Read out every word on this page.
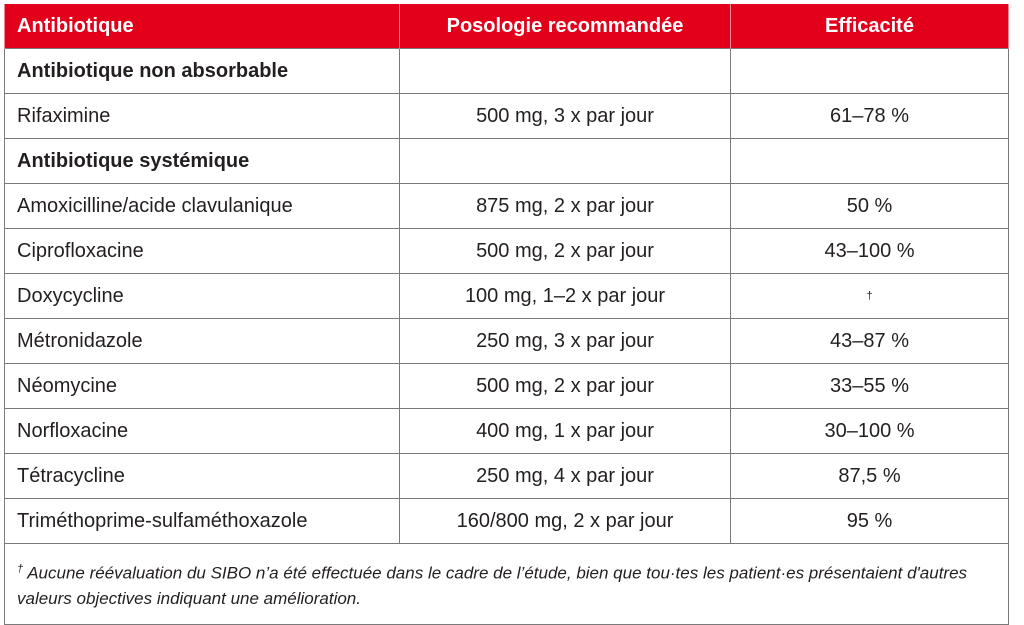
Antibiotique	Posologie recommandée	Efficacité
Antibiotique non absorbable		
Rifaximine	500 mg, 3 x par jour	61–78 %
Antibiotique systémique		
Amoxicilline/acide clavulanique	875 mg, 2 x par jour	50 %
Ciprofloxacine	500 mg, 2 x par jour	43–100 %
Doxycycline	100 mg, 1–2 x par jour	†
Métronidazole	250 mg, 3 x par jour	43–87 %
Néomycine	500 mg, 2 x par jour	33–55 %
Norfloxacine	400 mg, 1 x par jour	30–100 %
Tétracycline	250 mg, 4 x par jour	87,5 %
Triméthoprime-sulfaméthoxazole	160/800 mg, 2 x par jour	95 %
† Aucune réévaluation du SIBO n’a été effectuée dans le cadre de l’étude, bien que tou·tes les patient·es présentaient d'autres valeurs objectives indiquant une amélioration.		
